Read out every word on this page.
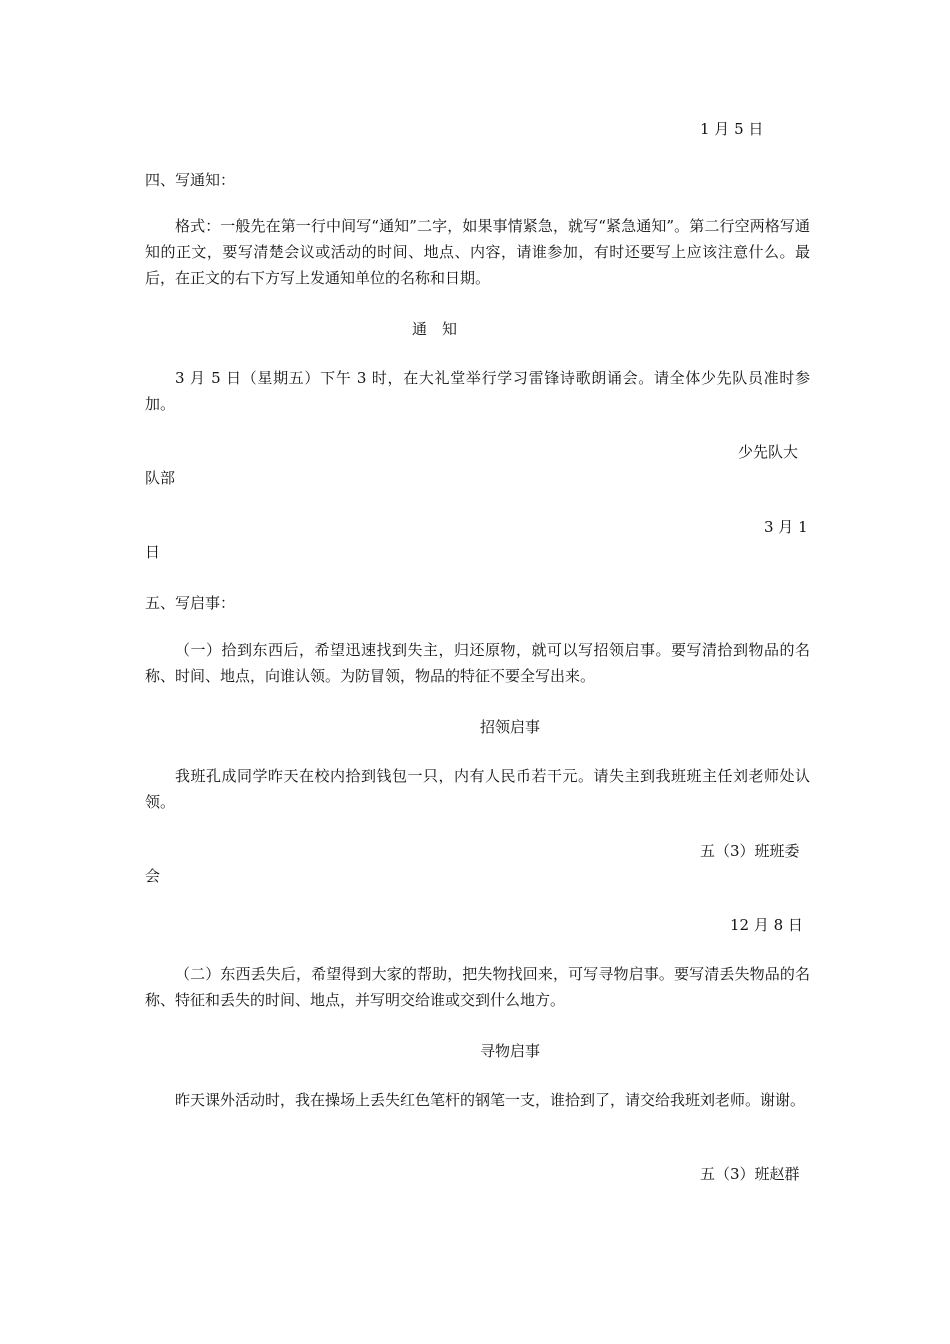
1 月 5 日
四、写通知：
格式：一般先在第一行中间写“通知”二字，如果事情紧急，就写“紧急通知”。第二行空两格写通知的正文，要写清楚会议或活动的时间、地点、内容，请谁参加，有时还要写上应该注意什么。最后，在正文的右下方写上发通知单位的名称和日期。
通　知
3 月 5 日（星期五）下午 3 时，在大礼堂举行学习雷锋诗歌朗诵会。请全体少先队员准时参加。
少先队大
队部
3 月 1
日
五、写启事：
（一）拾到东西后，希望迅速找到失主，归还原物，就可以写招领启事。要写清拾到物品的名称、时间、地点，向谁认领。为防冒领，物品的特征不要全写出来。
招领启事
我班孔成同学昨天在校内拾到钱包一只，内有人民币若干元。请失主到我班班主任刘老师处认领。
五（3）班班委
会
12 月 8 日
（二）东西丢失后，希望得到大家的帮助，把失物找回来，可写寻物启事。要写清丢失物品的名称、特征和丢失的时间、地点，并写明交给谁或交到什么地方。
寻物启事
昨天课外活动时，我在操场上丢失红色笔杆的钢笔一支，谁拾到了，请交给我班刘老师。谢谢。
五（3）班赵群
